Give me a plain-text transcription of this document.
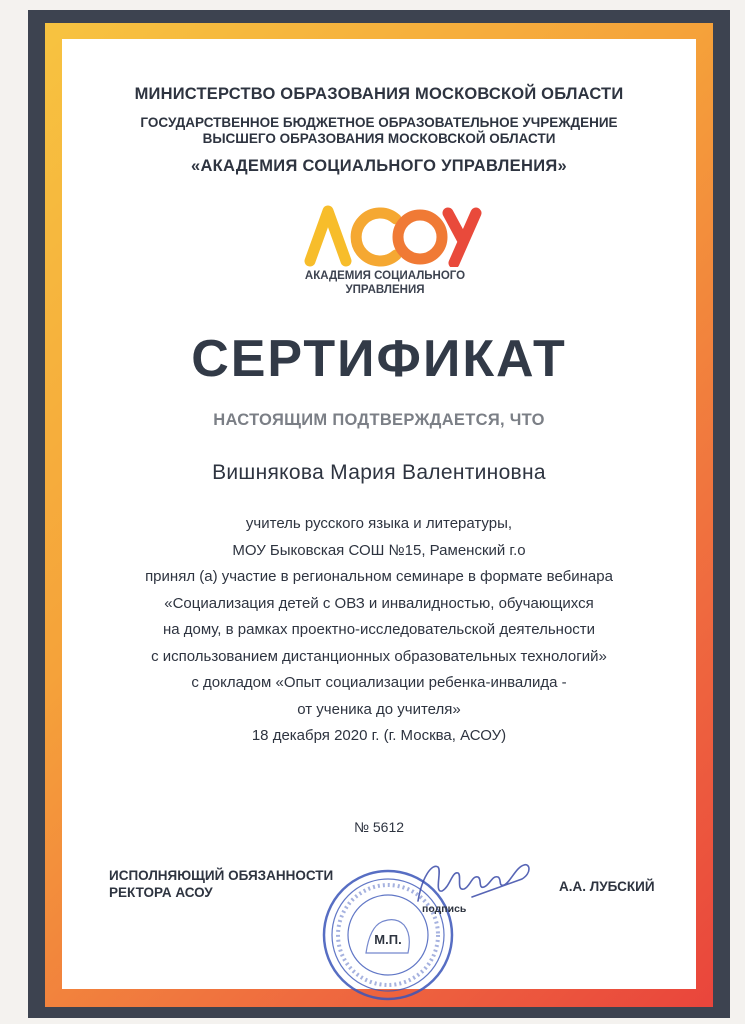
МИНИСТЕРСТВО ОБРАЗОВАНИЯ МОСКОВСКОЙ ОБЛАСТИ
ГОСУДАРСТВЕННОЕ БЮДЖЕТНОЕ ОБРАЗОВАТЕЛЬНОЕ УЧРЕЖДЕНИЕ
ВЫСШЕГО ОБРАЗОВАНИЯ МОСКОВСКОЙ ОБЛАСТИ
«АКАДЕМИЯ СОЦИАЛЬНОГО УПРАВЛЕНИЯ»
АКАДЕМИЯ СОЦИАЛЬНОГО
УПРАВЛЕНИЯ
СЕРТИФИКАТ
НАСТОЯЩИМ ПОДТВЕРЖДАЕТСЯ, ЧТО
Вишнякова Мария Валентиновна
учитель русского языка и литературы,
МОУ Быковская СОШ №15, Раменский г.о
принял (а) участие в региональном семинаре в формате вебинара
«Социализация детей с ОВЗ и инвалидностью, обучающихся
на дому, в рамках проектно-исследовательской деятельности
с использованием дистанционных образовательных технологий»
с докладом «Опыт социализации ребенка-инвалида -
от ученика до учителя»
18 декабря 2020 г. (г. Москва, АСОУ)
№ 5612
ИСПОЛНЯЮЩИЙ ОБЯЗАННОСТИ
РЕКТОРА АСОУ
М.П.
подпись
А.А. ЛУБСКИЙ
